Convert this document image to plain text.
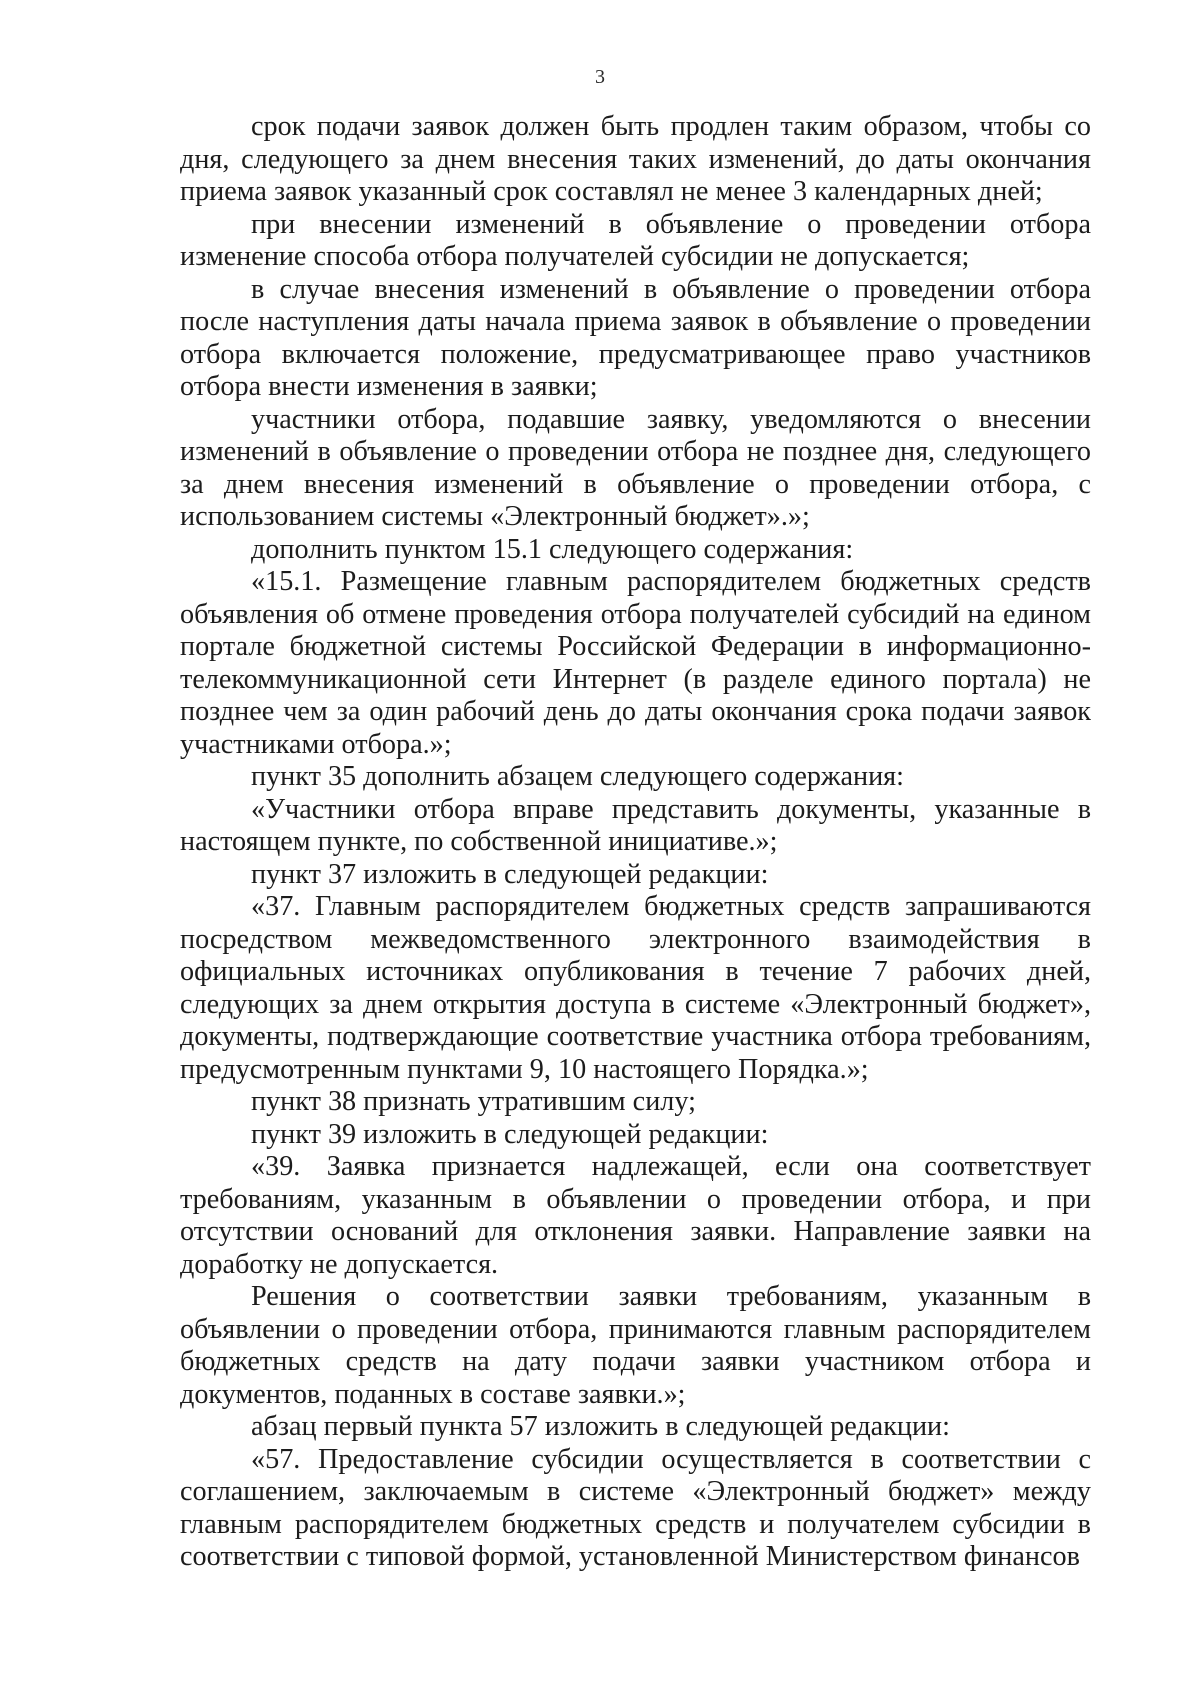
3

срок подачи заявок должен быть продлен таким образом, чтобы со дня, следующего за днем внесения таких изменений, до даты окончания приема заявок указанный срок составлял не менее 3 календарных дней;

при внесении изменений в объявление о проведении отбора изменение способа отбора получателей субсидии не допускается;

в случае внесения изменений в объявление о проведении отбора после наступления даты начала приема заявок в объявление о проведении отбора включается положение, предусматривающее право участников отбора внести изменения в заявки;

участники отбора, подавшие заявку, уведомляются о внесении изменений в объявление о проведении отбора не позднее дня, следующего за днем внесения изменений в объявление о проведении отбора, с использованием системы «Электронный бюджет».»;

дополнить пунктом 15.1 следующего содержания:

«15.1. Размещение главным распорядителем бюджетных средств объявления об отмене проведения отбора получателей субсидий на едином портале бюджетной системы Российской Федерации в информационно-телекоммуникационной сети Интернет (в разделе единого портала) не позднее чем за один рабочий день до даты окончания срока подачи заявок участниками отбора.»;

пункт 35 дополнить абзацем следующего содержания:

«Участники отбора вправе представить документы, указанные в настоящем пункте, по собственной инициативе.»;

пункт 37 изложить в следующей редакции:

«37. Главным распорядителем бюджетных средств запрашиваются посредством межведомственного электронного взаимодействия в официальных источниках опубликования в течение 7 рабочих дней, следующих за днем открытия доступа в системе «Электронный бюджет», документы, подтверждающие соответствие участника отбора требованиям, предусмотренным пунктами 9, 10 настоящего Порядка.»;

пункт 38 признать утратившим силу;

пункт 39 изложить в следующей редакции:

«39. Заявка признается надлежащей, если она соответствует требованиям, указанным в объявлении о проведении отбора, и при отсутствии оснований для отклонения заявки. Направление заявки на доработку не допускается.

Решения о соответствии заявки требованиям, указанным в объявлении о проведении отбора, принимаются главным распорядителем бюджетных средств на дату подачи заявки участником отбора и документов, поданных в составе заявки.»;

абзац первый пункта 57 изложить в следующей редакции:

«57. Предоставление субсидии осуществляется в соответствии с соглашением, заключаемым в системе «Электронный бюджет» между главным распорядителем бюджетных средств и получателем субсидии в соответствии с типовой формой, установленной Министерством финансов
